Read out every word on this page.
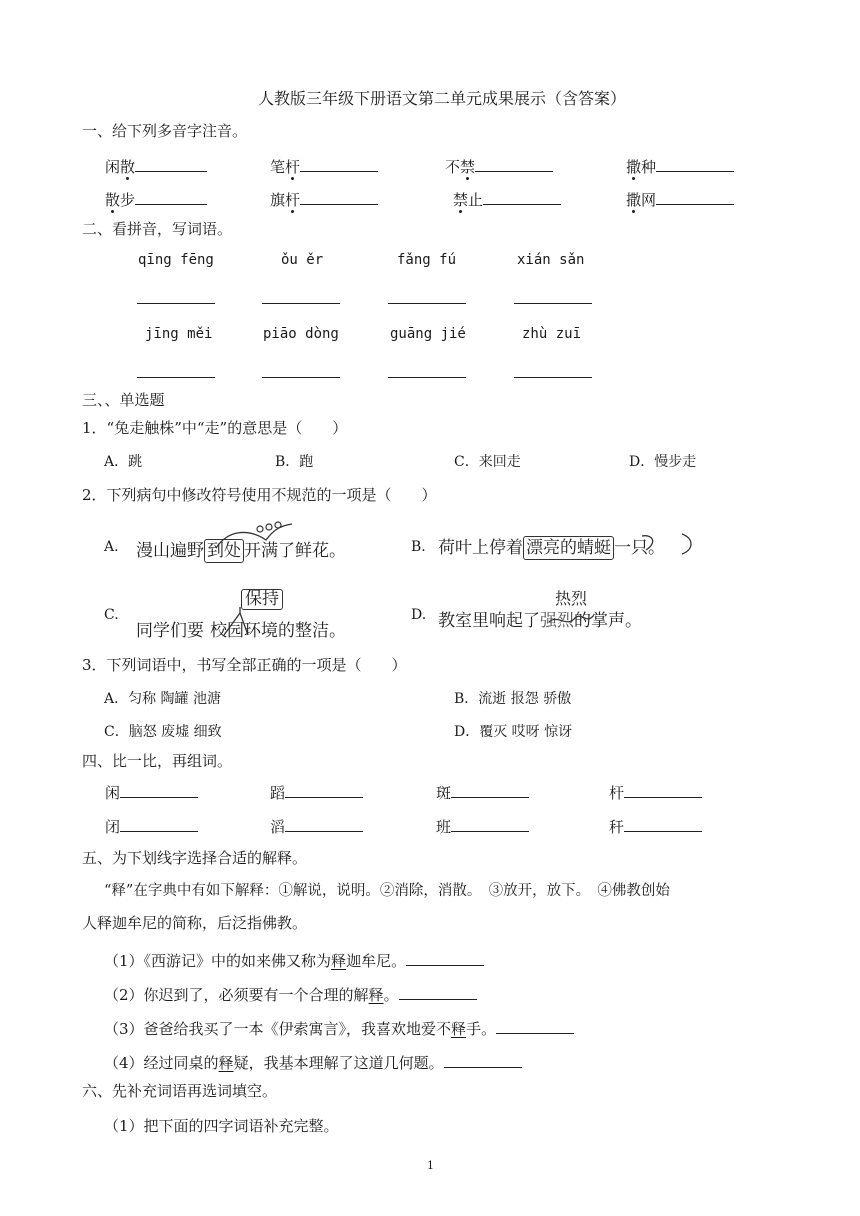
人教版三年级下册语文第二单元成果展示（含答案）
一、给下列多音字注音。
闲散	笔杆	不禁	撒种
散步	旗杆	禁止	撒网
二、看拼音，写词语。
qīng fēng	ǒu ěr	fǎng fú	xián sǎn
jīng měi	piāo dòng	guāng jié	zhù zuī
三、、单选题
1．“兔走触株”中“走”的意思是（　　）
A．跳	B．跑	C．来回走	D．慢步走
2．下列病句中修改符号使用不规范的一项是（　　）
A. 漫山遍野 到处 开满了鲜花。	B. 荷叶上停着 漂亮的蜻蜓 一只。
C.
保持
同学们要 校园环境的整洁。
D.
热烈
教室里响起了强烈的掌声。
3．下列词语中，书写全部正确的一项是（　　）
A．匀称 陶罐 池溏	B．流逝 报怨 骄傲
C．脑怒 废墟 细致	D．覆灭 哎呀 惊讶
四、比一比，再组词。
闲	蹈	斑	杆
闭	滔	班	秆
五、为下划线字选择合适的解释。
“释”在字典中有如下解释：①解说，说明。②消除，消散。　③放开，放下。　④佛教创始
人释迦牟尼的简称，后泛指佛教。
（1）《西游记》中的如来佛又称为释迦牟尼。
（2）你迟到了，必须要有一个合理的解释。
（3）爸爸给我买了一本《伊索寓言》，我喜欢地爱不释手。
（4）经过同桌的释疑，我基本理解了这道几何题。
六、先补充词语再选词填空。
（1）把下面的四字词语补充完整。
1
